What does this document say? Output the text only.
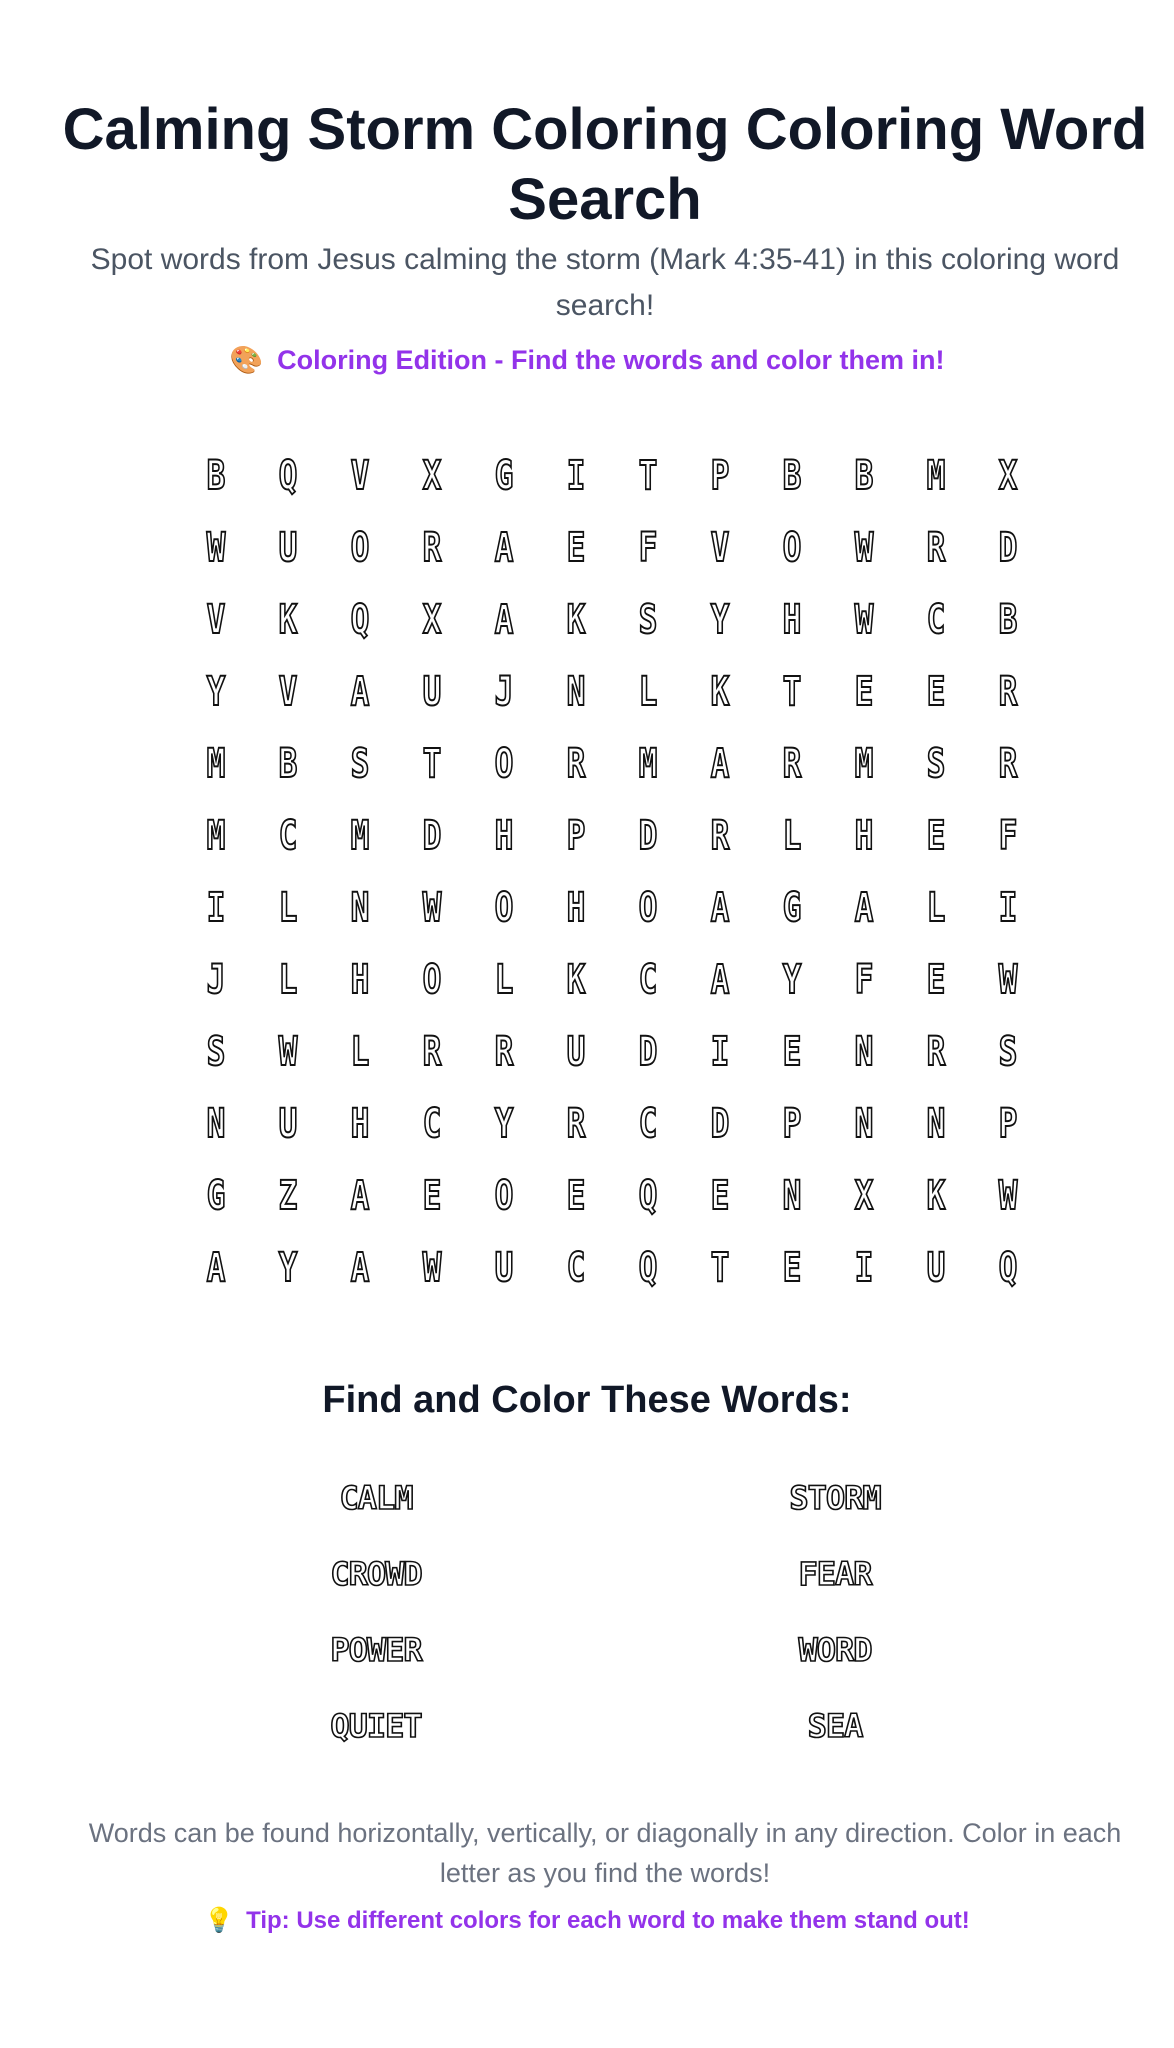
Calming Storm Coloring Coloring Word Search

Spot words from Jesus calming the storm (Mark 4:35-41) in this coloring word search!

🎨 Coloring Edition - Find the words and color them in!
B	Q	V	X	G	I	T	P	B	B	M	X
W	U	O	R	A	E	F	V	O	W	R	D
V	K	Q	X	A	K	S	Y	H	W	C	B
Y	V	A	U	J	N	L	K	T	E	E	R
M	B	S	T	O	R	M	A	R	M	S	R
M	C	M	D	H	P	D	R	L	H	E	F
I	L	N	W	O	H	O	A	G	A	L	I
J	L	H	O	L	K	C	A	Y	F	E	W
S	W	L	R	R	U	D	I	E	N	R	S
N	U	H	C	Y	R	C	D	P	N	N	P
G	Z	A	E	O	E	Q	E	N	X	K	W
A	Y	A	W	U	C	Q	T	E	I	U	Q
Find and Color These Words:
CALM	STORM
CROWD	FEAR
POWER	WORD
QUIET	SEA

Words can be found horizontally, vertically, or diagonally in any direction. Color in each letter as you find the words!

💡 Tip: Use different colors for each word to make them stand out!
